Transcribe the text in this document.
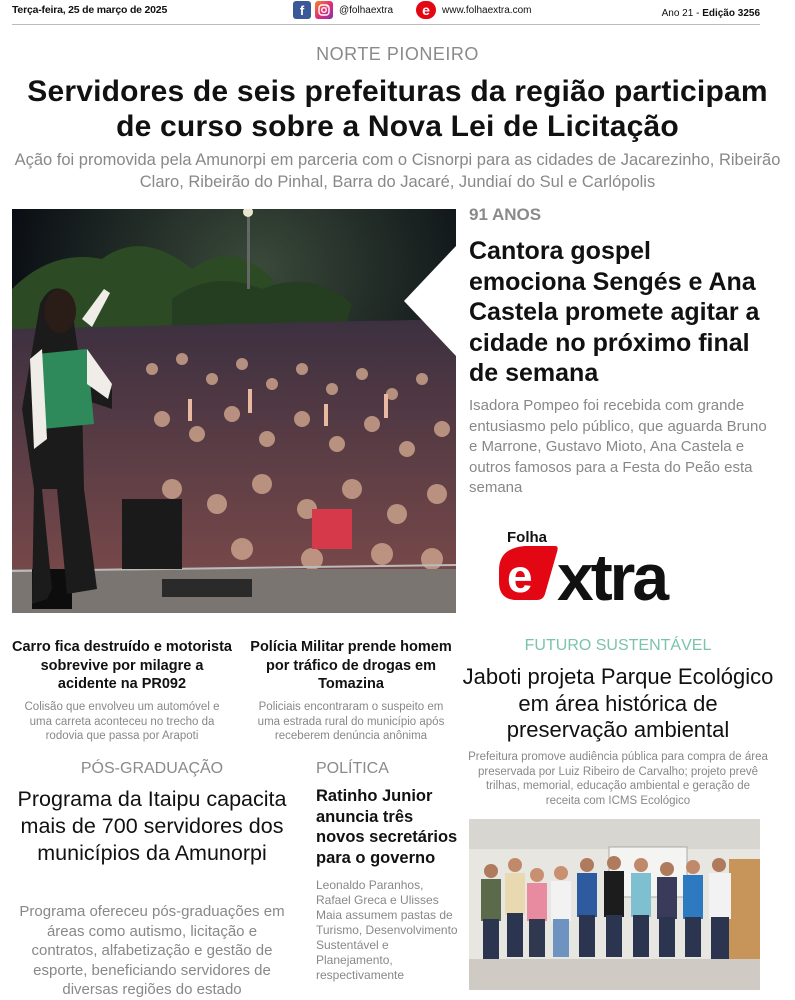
Terça-feira, 25 de março de 2025	f	@folhaextra	e	www.folhaextra.com	Ano 21 - Edição 3256
NORTE PIONEIRO
Servidores de seis prefeituras da região participam de curso sobre a Nova Lei de Licitação
Ação foi promovida pela Amunorpi em parceria com o Cisnorpi para as cidades de Jacarezinho, Ribeirão Claro, Ribeirão do Pinhal, Barra do Jacaré, Jundiaí do Sul e Carlópolis
91 ANOS
Cantora gospel emociona Sengés e Ana Castela promete agitar a cidade no próximo final de semana
Isadora Pompeo foi recebida com grande entusiasmo pelo público, que aguarda Bruno e Marrone, Gustavo Mioto, Ana Castela e outros famosos para a Festa do Peão esta semana
Folha
e xtra
Carro fica destruído e motorista sobrevive por milagre a acidente na PR092
Colisão que envolveu um automóvel e uma carreta aconteceu no trecho da rodovia que passa por Arapoti
Polícia Militar prende homem por tráfico de drogas em Tomazina
Policiais encontraram o suspeito em uma estrada rural do município após receberem denúncia anônima
FUTURO SUSTENTÁVEL
Jaboti projeta Parque Ecológico em área histórica de preservação ambiental
Prefeitura promove audiência pública para compra de área preservada por Luiz Ribeiro de Carvalho; projeto prevê trilhas, memorial, educação ambiental e geração de receita com ICMS Ecológico
PÓS-GRADUAÇÃO
Programa da Itaipu capacita mais de 700 servidores dos municípios da Amunorpi
Programa ofereceu pós-graduações em áreas como autismo, licitação e contratos, alfabetização e gestão de esporte, beneficiando servidores de diversas regiões do estado
POLÍTICA
Ratinho Junior anuncia três novos secretários para o governo
Leonaldo Paranhos, Rafael Greca e Ulisses Maia assumem pastas de Turismo, Desenvolvimento Sustentável e Planejamento, respectivamente
